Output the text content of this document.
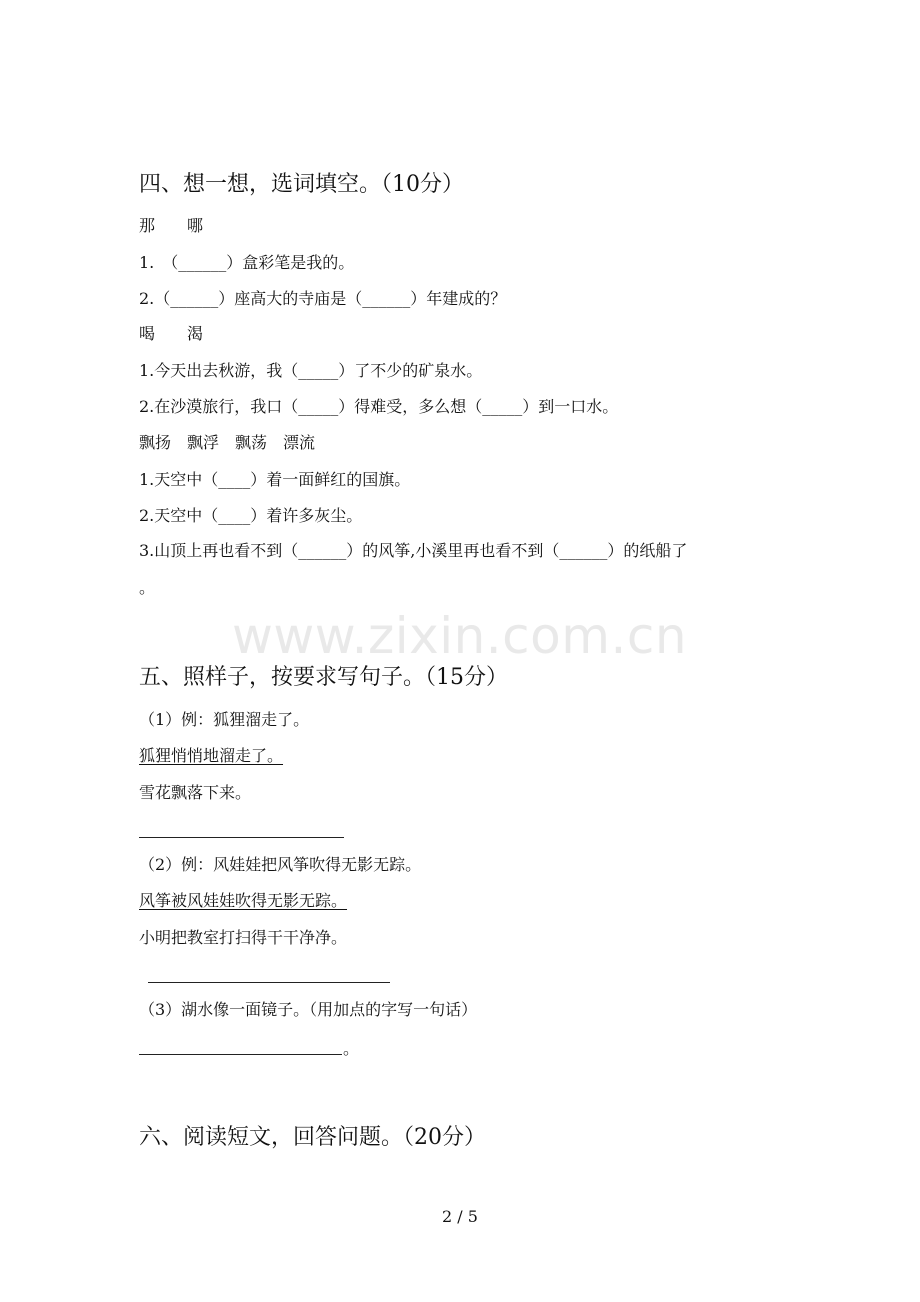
四、想一想，选词填空。（10分）
那　　哪
1.　（______）盒彩笔是我的。
2.（______）座高大的寺庙是（______）年建成的？
喝　　渴
1.今天出去秋游，我（_____）了不少的矿泉水。
2.在沙漠旅行，我口（_____）得难受，多么想（_____）到一口水。
飘扬　飘浮　飘荡　漂流
1.天空中（____）着一面鲜红的国旗。
2.天空中（____）着许多灰尘。
3.山顶上再也看不到（______）的风筝,小溪里再也看不到（______）的纸船了
。
www.zixin.com.cn
五、照样子，按要求写句子。（15分）
（1）例：狐狸溜走了。
狐狸悄悄地溜走了。
雪花飘落下来。
（2）例：风娃娃把风筝吹得无影无踪。
风筝被风娃娃吹得无影无踪。
小明把教室打扫得干干净净。
（3）湖水像一面镜子。（用加点的字写一句话）
。
六、阅读短文，回答问题。（20分）
2 / 5
